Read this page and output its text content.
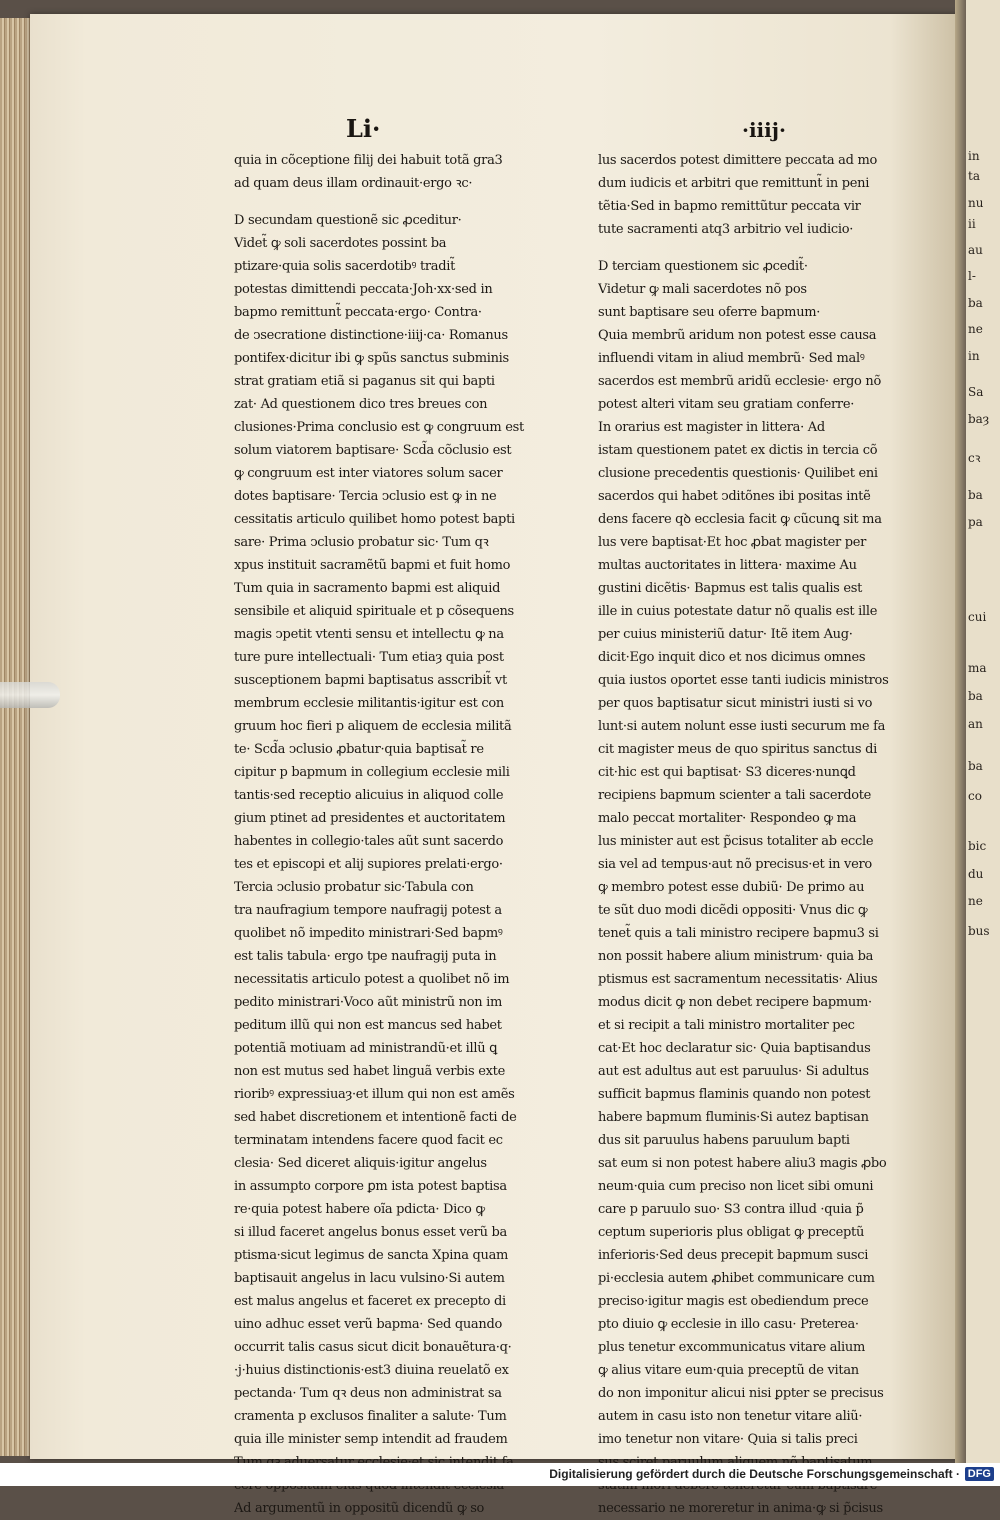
Li·	·iiij·
quia in cõceptione filij dei habuit totã gra3
ad quam deus illam ordinauit·ergo ꝛc·
D secundam questionẽ sic ꝓceditur·
Videt̃ ꝙ soli sacerdotes possint ba
ptizare·quia solis sacerdotibꝰ tradit̃
potestas dimittendi peccata·Joh·xx·sed in
bapmo remittunt̃ peccata·ergo· Contra·
de ↄsecratione distinctione·iiij·ca· Romanus
pontifex·dicitur ibi ꝙ spũs sanctus subminis
strat gratiam etiã si paganus sit qui bapti
zat· Ad questionem dico tres breues con
clusiones·Prima conclusio est ꝙ congruum est
solum viatorem baptisare· Scd̃a cõclusio est
ꝙ congruum est inter viatores solum sacer
dotes baptisare· Tercia ↄclusio est ꝙ in ne
cessitatis articulo quilibet homo potest bapti
sare· Prima ↄclusio probatur sic· Tum qꝛ
xpus instituit sacramẽtũ bapmi et fuit homo
Tum quia in sacramento bapmi est aliquid
sensibile et aliquid spirituale et p cõsequens
magis ↄpetit vtenti sensu et intellectu ꝙ na
ture pure intellectuali· Tum etiaȝ quia post
susceptionem bapmi baptisatus asscribit̃ vt
membrum ecclesie militantis·igitur est con
gruum hoc fieri p aliquem de ecclesia militã
te· Scd̃a ↄclusio ꝓbatur·quia baptisat̃ re
cipitur p bapmum in collegium ecclesie mili
tantis·sed receptio alicuius in aliquod colle
gium ptinet ad presidentes et auctoritatem
habentes in collegio·tales aũt sunt sacerdo
tes et episcopi et alij supiores prelati·ergo·
Tercia ↄclusio probatur sic·Tabula con
tra naufragium tempore naufragij potest a
quolibet nõ impedito ministrari·Sed bapmꝰ
est talis tabula· ergo tpe naufragij puta in
necessitatis articulo potest a quolibet nõ im
pedito ministrari·Voco aũt ministrũ non im
peditum illũ qui non est mancus sed habet
potentiã motiuam ad ministrandũ·et illũ ꝗ
non est mutus sed habet linguã verbis exte
rioribꝰ expressiuaȝ·et illum qui non est amẽs
sed habet discretionem et intentionẽ facti de
terminatam intendens facere quod facit ec
clesia· Sed diceret aliquis·igitur angelus
in assumpto corpore ꝑm ista potest baptisa
re·quia potest habere oĩa pdicta· Dico ꝙ
si illud faceret angelus bonus esset verũ ba
ptisma·sicut legimus de sancta Xpina quam
baptisauit angelus in lacu vulsino·Si autem
est malus angelus et faceret ex precepto di
uino adhuc esset verũ bapma· Sed quando
occurrit talis casus sicut dicit bonauẽtura·q·
·j·huius distinctionis·est3 diuina reuelatõ ex
pectanda· Tum qꝛ deus non administrat sa
cramenta p exclusos finaliter a salute· Tum
quia ille minister semp intendit ad fraudem
Ad argumentũ in oppositũ dicendũ ꝙ so
lus sacerdos potest dimittere peccata ad mo
dum iudicis et arbitri que remittunt̃ in peni
tẽtia·Sed in bapmo remittũtur peccata vir
tute sacramenti atq3 arbitrio vel iudicio·
D terciam questionem sic ꝓcedit̃·
Videtur ꝙ mali sacerdotes nõ pos
sunt baptisare seu oferre bapmum·
Quia membrũ aridum non potest esse causa
influendi vitam in aliud membrũ· Sed malꝰ
sacerdos est membrũ aridũ ecclesie· ergo nõ
potest alteri vitam seu gratiam conferre·
In orarius est magister in littera· Ad
istam questionem patet ex dictis in tercia cõ
clusione precedentis questionis· Quilibet eni
sacerdos qui habet ↄditõnes ibi positas intẽ
dens facere qꝺ ecclesia facit ꝙ cũcunꝗ sit ma
lus vere baptisat·Et hoc ꝓbat magister per
multas auctoritates in littera· maxime Au
gustini dicẽtis· Bapmus est talis qualis est
ille in cuius potestate datur nõ qualis est ille
per cuius ministeriũ datur· Itẽ item Aug·
dicit·Ego inquit dico et nos dicimus omnes
quia iustos oportet esse tanti iudicis ministros
per quos baptisatur sicut ministri iusti si vo
lunt·si autem nolunt esse iusti securum me fa
cit magister meus de quo spiritus sanctus di
cit·hic est qui baptisat· S3 diceres·nunꝗd
recipiens bapmum scienter a tali sacerdote
malo peccat mortaliter· Respondeo ꝙ ma
lus minister aut est p̃cisus totaliter ab eccle
sia vel ad tempus·aut nõ precisus·et in vero
ꝙ membro potest esse dubiũ· De primo au
te sũt duo modi dicẽdi oppositi· Vnus dic ꝙ
tenet̃ quis a tali ministro recipere bapmu3 si
non possit habere alium ministrum· quia ba
ptismus est sacramentum necessitatis· Alius
modus dicit ꝙ non debet recipere bapmum·
et si recipit a tali ministro mortaliter pec
cat·Et hoc declaratur sic· Quia baptisandus
aut est adultus aut est paruulus· Si adultus
sufficit bapmus flaminis quando non potest
habere bapmum fluminis·Si autez baptisan
dus sit paruulus habens paruulum bapti
sat eum si non potest habere aliu3 magis ꝓbo
neum·quia cum preciso non licet sibi omuni
care p paruulo suo· S3 contra illud ·quia p̃
ceptum superioris plus obligat ꝙ preceptũ
inferioris·Sed deus precepit bapmum susci
pi·ecclesia autem ꝓhibet communicare cum
preciso·igitur magis est obediendum prece
pto diuio ꝙ ecclesie in illo casu· Preterea·
plus tenetur excommunicatus vitare alium
ꝙ alius vitare eum·quia preceptũ de vitan
do non imponitur alicui nisi ꝑpter se precisus
autem in casu isto non tenetur vitare aliũ·
imo tenetur non vitare· Quia si talis preci
necessario ne moreretur in anima·ꝙ si p̃cisus
in
ta
nu
ii
au
l-
ba
ne
in
Sa
baȝ
cꝛ
ba
pa
cui
ma
ba
an
ba
co
bic
du
ne
bus
Digitalisierung gefördert durch die Deutsche Forschungsgemeinschaft · DFG
